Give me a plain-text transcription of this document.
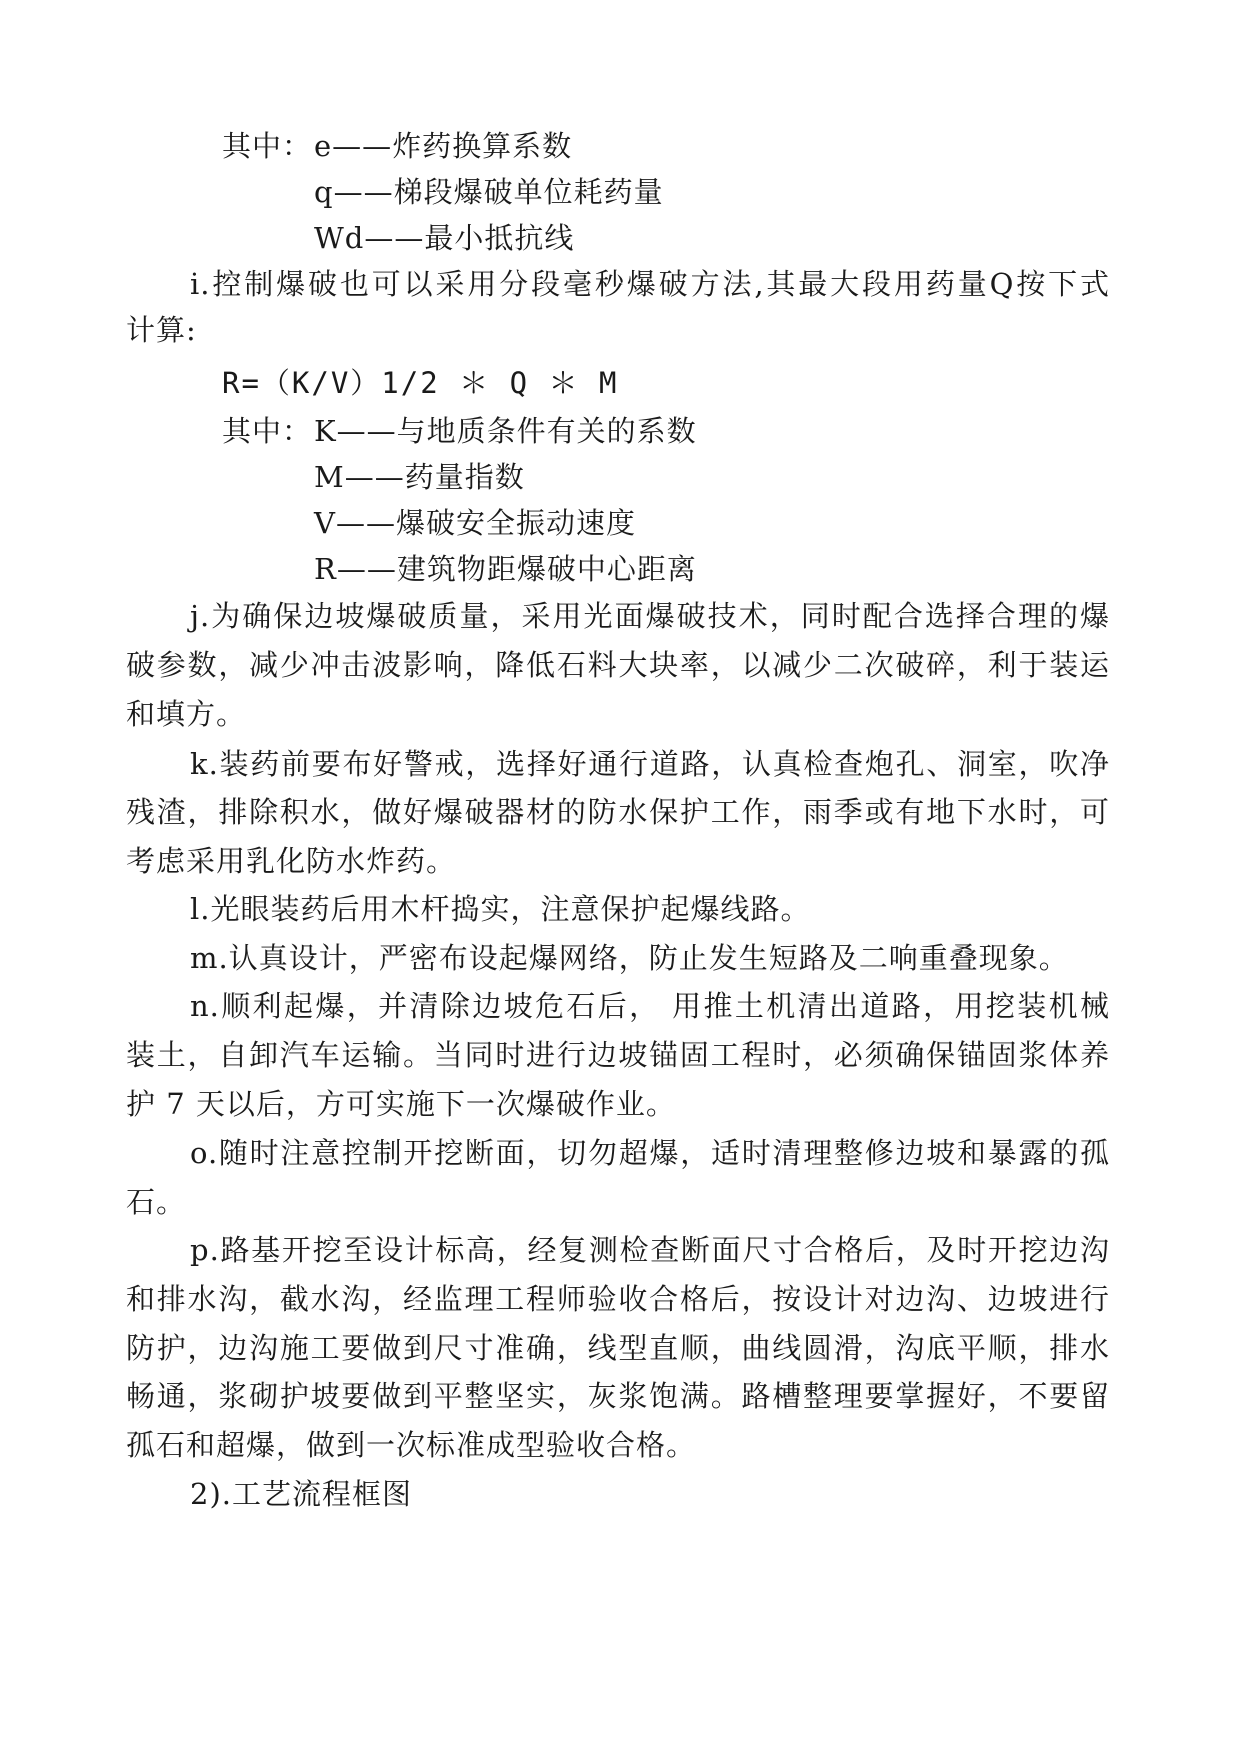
其中： e——炸药换算系数

q——梯段爆破单位耗药量

Wd——最小抵抗线

i.控制爆破也可以采用分段毫秒爆破方法,其最大段用药量Q按下式

计算:

R=（K/V）1/2 ＊ Q ＊ M

其中： K——与地质条件有关的系数

M——药量指数

V——爆破安全振动速度

R——建筑物距爆破中心距离

j.为确保边坡爆破质量，采用光面爆破技术，同时配合选择合理的爆

破参数，减少冲击波影响，降低石料大块率，以减少二次破碎，利于装运

和填方。

k.装药前要布好警戒，选择好通行道路，认真检查炮孔、洞室，吹净

残渣，排除积水，做好爆破器材的防水保护工作，雨季或有地下水时，可

考虑采用乳化防水炸药。

l.光眼装药后用木杆捣实，注意保护起爆线路。

m.认真设计，严密布设起爆网络，防止发生短路及二响重叠现象。

n.顺利起爆，并清除边坡危石后， 用推土机清出道路，用挖装机械

装土，自卸汽车运输。当同时进行边坡锚固工程时，必须确保锚固浆体养

护 7 天以后，方可实施下一次爆破作业。

o.随时注意控制开挖断面，切勿超爆，适时清理整修边坡和暴露的孤

石。

p.路基开挖至设计标高，经复测检查断面尺寸合格后，及时开挖边沟

和排水沟，截水沟，经监理工程师验收合格后，按设计对边沟、边坡进行

防护，边沟施工要做到尺寸准确，线型直顺，曲线圆滑，沟底平顺，排水

畅通，浆砌护坡要做到平整坚实，灰浆饱满。路槽整理要掌握好，不要留

孤石和超爆，做到一次标准成型验收合格。

2).工艺流程框图
